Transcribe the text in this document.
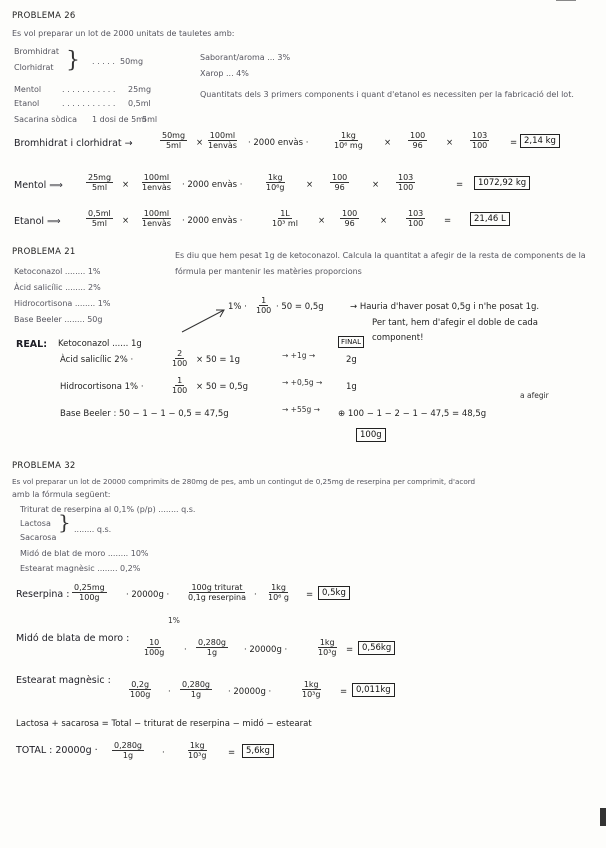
PROBLEMA 26
Es vol preparar un lot de 2000 unitats de tauletes amb:
Bromhidrat
Clorhidrat } . . . . . 50mg	Saborant/aroma ... 3%
Xarop ... 4%
Mentol	. . . . . . . . . . . 25mg
Etanol	. . . . . . . . . . . 0,5ml
Sacarina sòdica 1 dosi de 5ml
5ml
Quantitats dels 3 primers components i quant d'etanol es necessiten per la fabricació del lot.
Bromhidrat i clorhidrat →	$\frac{50mg}{5ml}$ ×
100ml
1envàs · 2000 envàs ·	$\frac{1kg}{\text{10⁶ mg}} \times \frac{100}{96} \times \frac{103}{100} = 2,14$ kg
Mentol ⟹	$\frac{25mg}{5ml}$ ×
100ml
1envàs · 2000 envàs ·	$\frac{1kg}{\text{10⁶g}} \times \frac{100}{96}$	× $\frac{103}{100}$	=	1072,92 kg
Etanol ⟹	$\frac{0,5ml}{5ml}$ ×
100ml
1envàs · 2000 envàs ·	$\frac{1L}{\text{10³ ml}} \times \frac{100}{96} \times \frac{103}{100}$ =	21,46 L
PROBLEMA 21
Ketoconazol ........ 1%
Àcid salicílic ........ 2%
Hidrocortisona ........ 1%
Base Beeler ........ 50g
Es diu que hem pesat 1g de ketoconazol. Calcula la quantitat a afegir de la resta de components de la fórmula per mantenir les matèries proporcions
$1\% \cdot \frac{1}{100} \cdot 50 = 0,5g$	→ Hauria d'haver posat 0,5g i n'he posat 1g.
Per tant, hem d'afegir el doble de cada
component!
REAL: Ketoconazol ...... 1g	FINAL
Àcid salicílic 2% ·	$\frac{2}{100} \times 50 = 1g$	→ +1g →	2g
Hidrocortisona 1% ·	$\frac{1}{100} \times 50 = 0,5g$	→ +0,5g →	1g
Base Beeler : 50 − 1 − 1 − 0,5 = 47,5g	→ +55g → ⊕ 100 − 1 − 2 − 1 − 47,5 = 48,5g
a afegir
100g
PROBLEMA 32
Es vol preparar un lot de 20000 comprimits de 280mg de pes, amb un contingut de 0,25mg de reserpina per comprimit, d'acord
amb la fórmula següent:
Triturat de reserpina al 0,1% (p/p) ........ q.s.
Lactosa
Sacarosa
} ........ q.s.
Midó de blat de moro ........ 10%
Estearat magnèsic ........ 0,2%
Reserpina : $\frac{0,25mg}{100g} \cdot 20000g$ ·
100g triturat
0,1g reserpina · $\frac{1kg}{\text{10⁶ g}}$ =	0,5kg
1%
Midó de blata de moro : $\frac{10}{100g} \cdot \frac{0,280g}{1g} \cdot 20000g$ ·	$\frac{1kg}{\text{10³g}}$ =	0,56kg
Estearat magnèsic : $\frac{0,2g}{100g} \cdot \frac{0,280g}{1g} \cdot 20000g$ ·	$\frac{1kg}{\text{10³g}}$ =	0,011kg
Lactosa + sacarosa = Total − triturat de reserpina − midó − estearat
TOTAL : $20000g \cdot \frac{0,280g}{1g}$ ·	$\frac{1kg}{\text{10³g}}$ =	5,6kg
